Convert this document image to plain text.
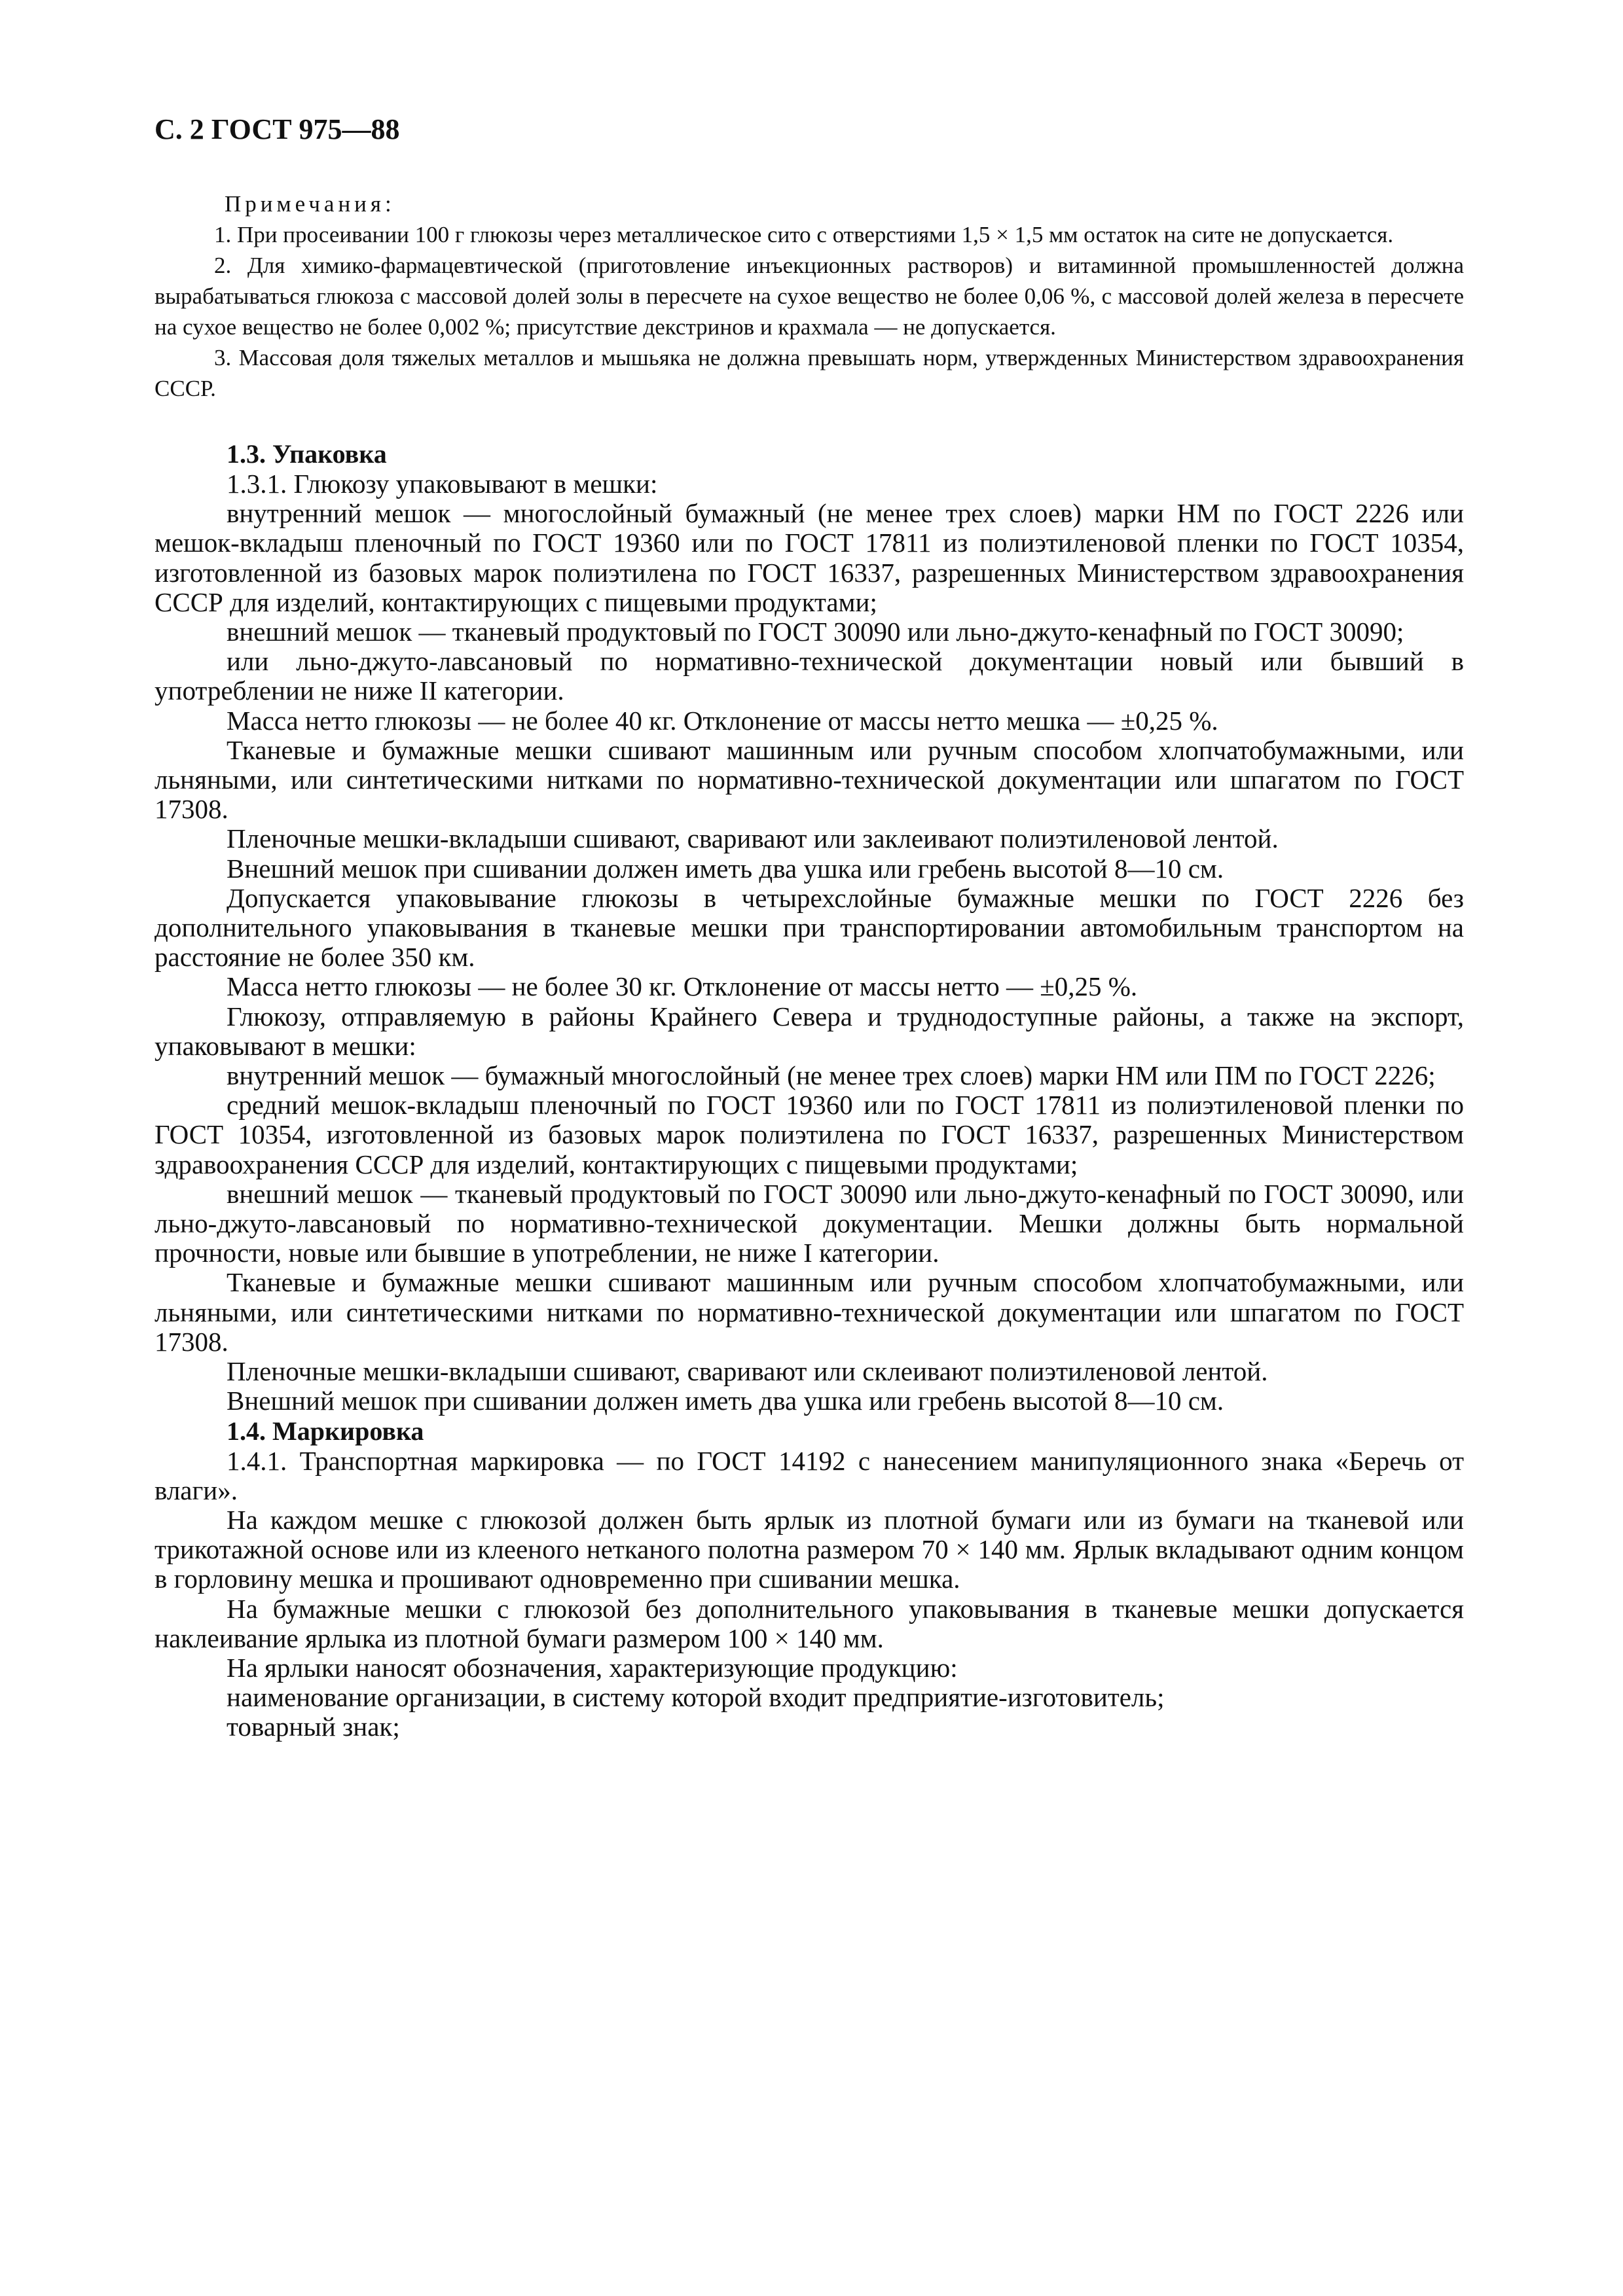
С. 2 ГОСТ 975—88
Примечания:
1. При просеивании 100 г глюкозы через металлическое сито с отверстиями 1,5 × 1,5 мм остаток на сите не допускается.
2. Для химико-фармацевтической (приготовление инъекционных растворов) и витаминной промышленностей должна вырабатываться глюкоза с массовой долей золы в пересчете на сухое вещество не более 0,06 %, с массовой долей железа в пересчете на сухое вещество не более 0,002 %; присутствие декстринов и крахмала — не допускается.
3. Массовая доля тяжелых металлов и мышьяка не должна превышать норм, утвержденных Министерством здравоохранения СССР.
1.3. Упаковка

1.3.1. Глюкозу упаковывают в мешки:

внутренний мешок — многослойный бумажный (не менее трех слоев) марки НМ по ГОСТ 2226 или мешок-вкладыш пленочный по ГОСТ 19360 или по ГОСТ 17811 из полиэтиленовой пленки по ГОСТ 10354, изготовленной из базовых марок полиэтилена по ГОСТ 16337, разрешенных Министерством здравоохранения СССР для изделий, контактирующих с пищевыми продуктами;

внешний мешок — тканевый продуктовый по ГОСТ 30090 или льно-джуто-кенафный по ГОСТ 30090;

или льно-джуто-лавсановый по нормативно-технической документации новый или бывший в употреблении не ниже II категории.

Масса нетто глюкозы — не более 40 кг. Отклонение от массы нетто мешка — ±0,25 %.

Тканевые и бумажные мешки сшивают машинным или ручным способом хлопчатобумажными, или льняными, или синтетическими нитками по нормативно-технической документации или шпагатом по ГОСТ 17308.

Пленочные мешки-вкладыши сшивают, сваривают или заклеивают полиэтиленовой лентой.

Внешний мешок при сшивании должен иметь два ушка или гребень высотой 8—10 см.

Допускается упаковывание глюкозы в четырехслойные бумажные мешки по ГОСТ 2226 без дополнительного упаковывания в тканевые мешки при транспортировании автомобильным транспортом на расстояние не более 350 км.

Масса нетто глюкозы — не более 30 кг. Отклонение от массы нетто — ±0,25 %.

Глюкозу, отправляемую в районы Крайнего Севера и труднодоступные районы, а также на экспорт, упаковывают в мешки:

внутренний мешок — бумажный многослойный (не менее трех слоев) марки НМ или ПМ по ГОСТ 2226;

средний мешок-вкладыш пленочный по ГОСТ 19360 или по ГОСТ 17811 из полиэтиленовой пленки по ГОСТ 10354, изготовленной из базовых марок полиэтилена по ГОСТ 16337, разрешенных Министерством здравоохранения СССР для изделий, контактирующих с пищевыми продуктами;

внешний мешок — тканевый продуктовый по ГОСТ 30090 или льно-джуто-кенафный по ГОСТ 30090, или льно-джуто-лавсановый по нормативно-технической документации. Мешки должны быть нормальной прочности, новые или бывшие в употреблении, не ниже I категории.

Тканевые и бумажные мешки сшивают машинным или ручным способом хлопчатобумажными, или льняными, или синтетическими нитками по нормативно-технической документации или шпагатом по ГОСТ 17308.

Пленочные мешки-вкладыши сшивают, сваривают или склеивают полиэтиленовой лентой.

Внешний мешок при сшивании должен иметь два ушка или гребень высотой 8—10 см.

1.4. Маркировка

1.4.1. Транспортная маркировка — по ГОСТ 14192 с нанесением манипуляционного знака «Беречь от влаги».

На каждом мешке с глюкозой должен быть ярлык из плотной бумаги или из бумаги на тканевой или трикотажной основе или из клееного нетканого полотна размером 70 × 140 мм. Ярлык вкладывают одним концом в горловину мешка и прошивают одновременно при сшивании мешка.

На бумажные мешки с глюкозой без дополнительного упаковывания в тканевые мешки допускается наклеивание ярлыка из плотной бумаги размером 100 × 140 мм.

На ярлыки наносят обозначения, характеризующие продукцию:

наименование организации, в систему которой входит предприятие-изготовитель;

товарный знак;
